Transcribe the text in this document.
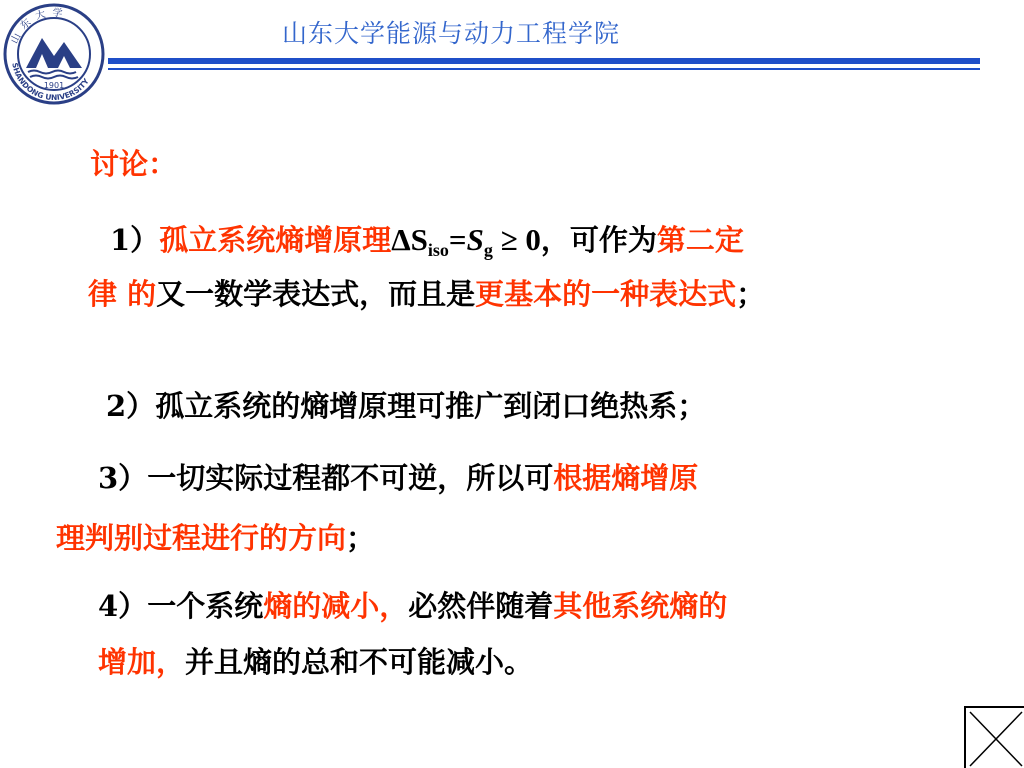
1901
山东大学
SHANDONG UNIVERSITY
山东大学能源与动力工程学院
讨论：
1）孤立系统熵增原理$\Delta S_{iso}=S_g \ge 0$，可作为第二定
律 的又一数学表达式，而且是更基本的一种表达式；
2）孤立系统的熵增原理可推广到闭口绝热系；
3）一切实际过程都不可逆，所以可根据熵增原
理判别过程进行的方向；
4）一个系统熵的减小，必然伴随着其他系统熵的
增加，并且熵的总和不可能减小。
